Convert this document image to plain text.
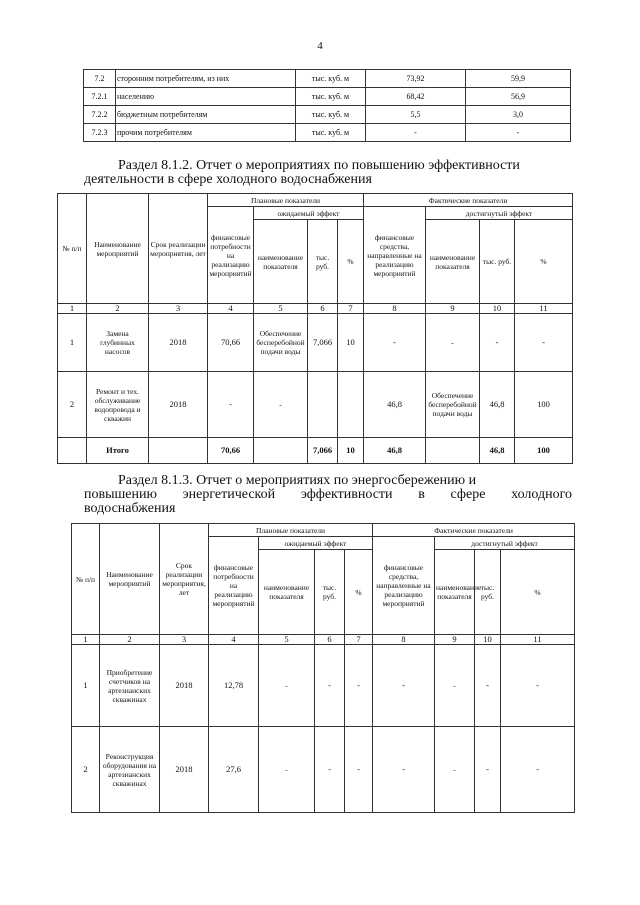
4
7.2	сторонним потребителям, из них	тыс. куб. м	73,92	59,9
7.2.1	населению	тыс. куб. м	68,42	56,9
7.2.2	бюджетным потребителям	тыс. куб. м	5,5	3,0
7.2.3	прочим потребителям	тыс. куб. м	-	-
Раздел 8.1.2. Отчет о мероприятиях по повышению эффективности
деятельности в сфере холодного водоснабжения
№ п/п	Наименование мероприятий	Срок реализации мероприятия, лет	Плановые показатели				Фактические показатели			
			финансовые потребности на реализацию мероприятий	ожидаемый эффект			финансовые средства, направленные на реализацию мероприятий	достигнутый эффект		
				наименование показателя	тыс. руб.	%		наименование показателя	тыс. руб.	%
1	2	3	4	5	6	7	8	9	10	11
1	Замена глубинных насосов	2018	70,66	Обеспечение бесперебойной подачи воды	7,066	10	-	-	-	-
2	Ремонт и тех. обслуживание водопровода и скважин	2018	-	-			46,8	Обеспечение бесперебойной подачи воды	46,8	100
	Итого		70,66		7,066	10	46,8		46,8	100
Раздел 8.1.3. Отчет о мероприятиях по энергосбережению и
повышению энергетической эффективности в сфере холодного
водоснабжения
№ п/п	Наименование мероприятий	Срок реализации мероприятия, лет	Плановые показатели				Фактические показатели			
			финансовые потребности на реализацию мероприятий	ожидаемый эффект			финансовые средства, направленные на реализацию мероприятий	достигнутый эффект		
				наименование показателя	тыс. руб.	%		наименование показателя	тыс. руб.	%
1	2	3	4	5	6	7	8	9	10	11
1	Приобретение счетчиков на артезианских скважинах	2018	12,78	-	-	-	-	-	-	-
2	Реконструкция оборудования на артезианских скважинах	2018	27,6	-	-	-	-	-	-	-
